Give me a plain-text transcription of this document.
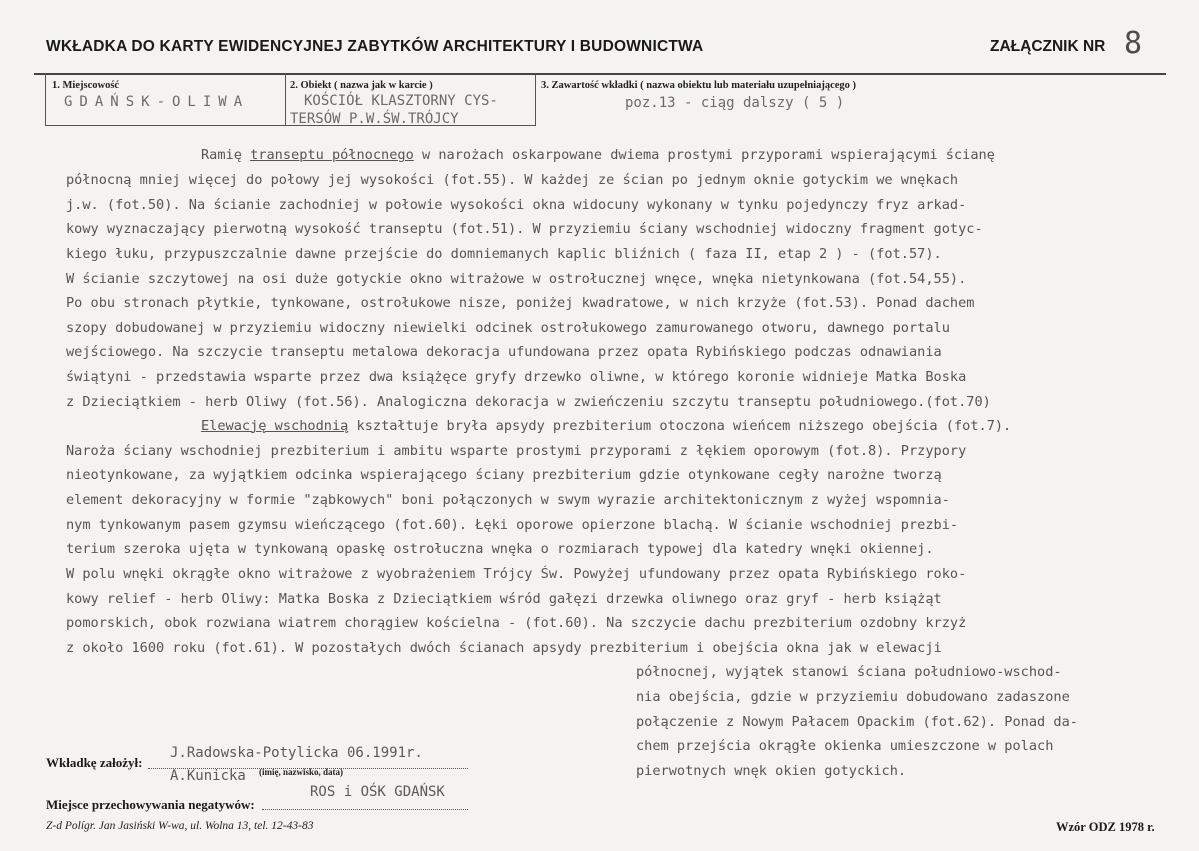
WKŁADKA DO KARTY EWIDENCYJNEJ ZABYTKÓW ARCHITEKTURY I BUDOWNICTWA	ZAŁĄCZNIK NR 8
1. Miejscowość
GDAŃSK-OLIWA
2. Obiekt ( nazwa jak w karcie )
KOŚCIÓŁ KLASZTORNY CYS-
TERSÓW P.W.ŚW.TRÓJCY
3. Zawartość wkładki ( nazwa obiektu lub materiału uzupełniającego )
poz.13 - ciąg dalszy ( 5 )

Ramię transeptu północnego w narożach oskarpowane dwiema prostymi przyporami wspierającymi ścianę

północną mniej więcej do połowy jej wysokości (fot.55). W każdej ze ścian po jednym oknie gotyckim we wnękach

j.w. (fot.50). Na ścianie zachodniej w połowie wysokości okna widocuny wykonany w tynku pojedynczy fryz arkad-

kowy wyznaczający pierwotną wysokość transeptu (fot.51). W przyziemiu ściany wschodniej widoczny fragment gotyc-

kiego łuku, przypuszczalnie dawne przejście do domniemanych kaplic bliźnich ( faza II, etap 2 ) - (fot.57).

W ścianie szczytowej na osi duże gotyckie okno witrażowe w ostrołucznej wnęce, wnęka nietynkowana (fot.54,55).

Po obu stronach płytkie, tynkowane, ostrołukowe nisze, poniżej kwadratowe, w nich krzyże (fot.53). Ponad dachem

szopy dobudowanej w przyziemiu widoczny niewielki odcinek ostrołukowego zamurowanego otworu, dawnego portalu

wejściowego. Na szczycie transeptu metalowa dekoracja ufundowana przez opata Rybińskiego podczas odnawiania

świątyni - przedstawia wsparte przez dwa książęce gryfy drzewko oliwne, w którego koronie widnieje Matka Boska

z Dzieciątkiem - herb Oliwy (fot.56). Analogiczna dekoracja w zwieńczeniu szczytu transeptu południowego.(fot.70)

Elewację wschodnią kształtuje bryła apsydy prezbiterium otoczona wieńcem niższego obejścia (fot.7).

Naroża ściany wschodniej prezbiterium i ambitu wsparte prostymi przyporami z łękiem oporowym (fot.8). Przypory

nieotynkowane, za wyjątkiem odcinka wspierającego ściany prezbiterium gdzie otynkowane cegły narożne tworzą

element dekoracyjny w formie "ząbkowych" boni połączonych w swym wyrazie architektonicznym z wyżej wspomnia-

nym tynkowanym pasem gzymsu wieńczącego (fot.60). Łęki oporowe opierzone blachą. W ścianie wschodniej prezbi-

terium szeroka ujęta w tynkowaną opaskę ostrołuczna wnęka o rozmiarach typowej dla katedry wnęki okiennej.

W polu wnęki okrągłe okno witrażowe z wyobrażeniem Trójcy Św. Powyżej ufundowany przez opata Rybińskiego roko-

kowy relief - herb Oliwy: Matka Boska z Dzieciątkiem wśród gałęzi drzewka oliwnego oraz gryf - herb książąt

pomorskich, obok rozwiana wiatrem chorągiew kościelna - (fot.60). Na szczycie dachu prezbiterium ozdobny krzyż

z około 1600 roku (fot.61). W pozostałych dwóch ścianach apsydy prezbiterium i obejścia okna jak w elewacji

północnej, wyjątek stanowi ściana południowo-wschod-

nia obejścia, gdzie w przyziemiu dobudowano zadaszone

połączenie z Nowym Pałacem Opackim (fot.62). Ponad da-

chem przejścia okrągłe okienka umieszczone w polach

pierwotnych wnęk okien gotyckich.

Wkładkę założył:
J.Radowska-Potylicka 06.1991r.
A.Kunicka (imię, nazwisko, data)
ROS i OŚK GDAŃSK
Miejsce przechowywania negatywów:
Z-d Polígr. Jan Jasiński W-wa, ul. Wolna 13, tel. 12-43-83	Wzór ODZ 1978 r.
